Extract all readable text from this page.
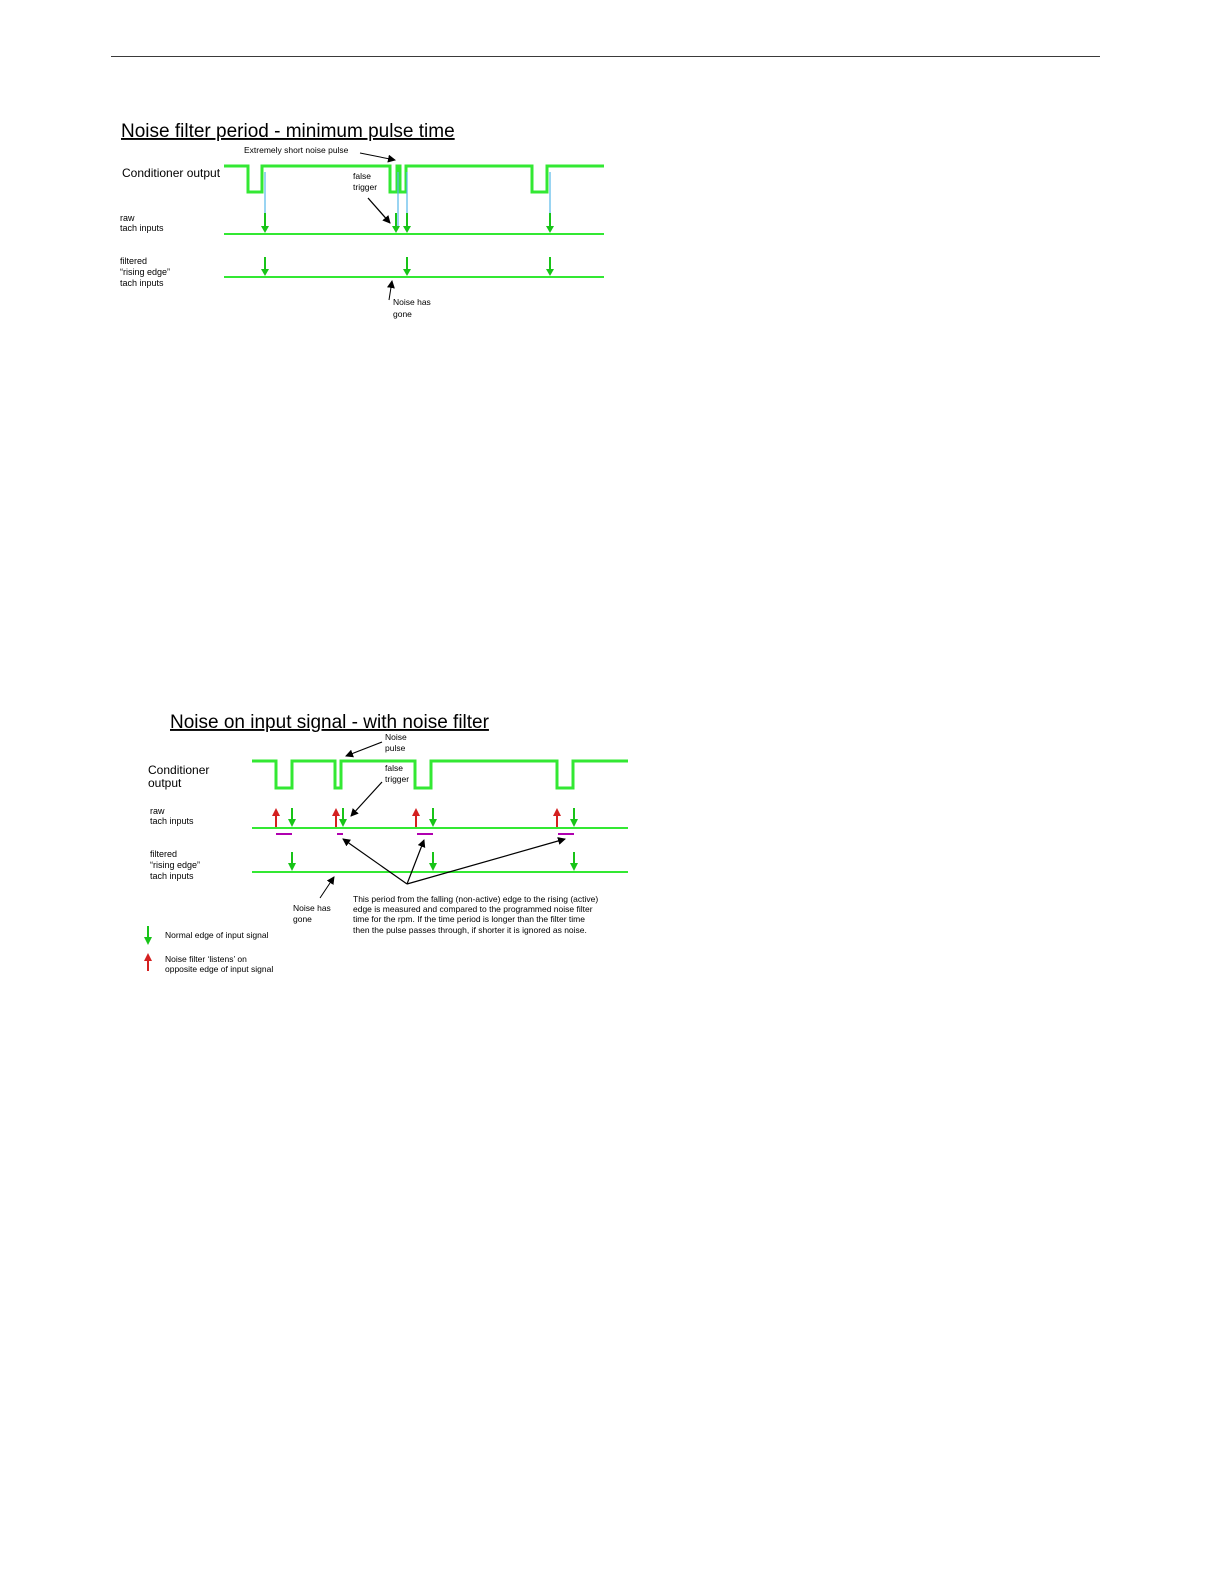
Noise filter period - minimum pulse time
Conditioner output
raw
tach inputs
filtered
“rising edge”
tach inputs
Extremely short noise pulse
false
trigger
Noise has
gone
Noise on input signal - with noise filter
Conditioner
output
raw
tach inputs
filtered
“rising edge”
tach inputs
Noise
pulse
false
trigger
Noise has
gone
This period from the falling (non-active) edge to the rising (active)
edge is measured and compared to the programmed noise filter
time for the rpm. If the time period is longer than the filter time
then the pulse passes through, if shorter it is ignored as noise.
Normal edge of input signal
Noise filter ‘listens’ on
opposite edge of input signal
